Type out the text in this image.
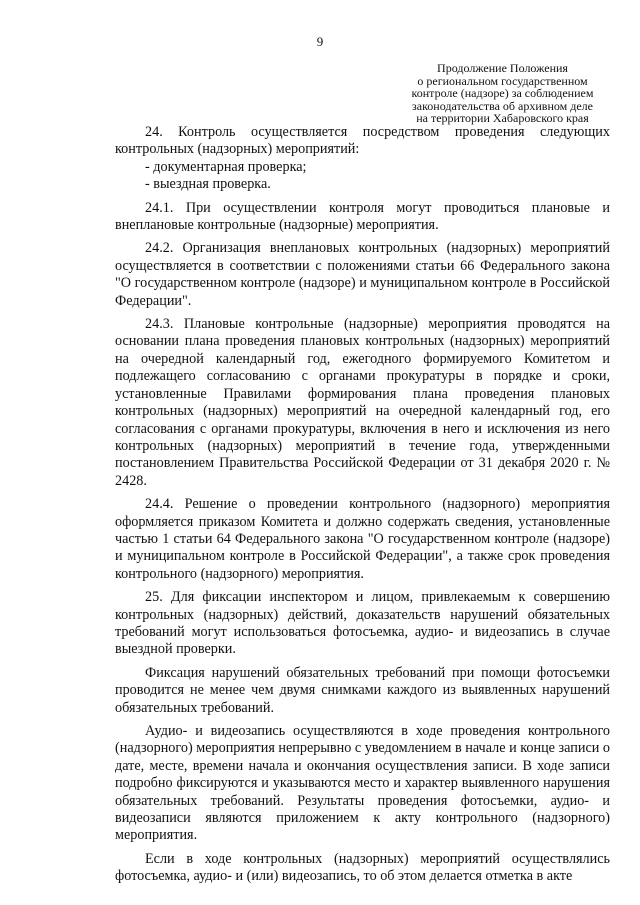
9
Продолжение Положения
о региональном государственном
контроле (надзоре) за соблюдением
законодательства об архивном деле
на территории Хабаровского края

24. Контроль осуществляется посредством проведения следующих контрольных (надзорных) мероприятий:

- документарная проверка;
- выездная проверка.

24.1. При осуществлении контроля могут проводиться плановые и внеплановые контрольные (надзорные) мероприятия.

24.2. Организация внеплановых контрольных (надзорных) мероприятий осуществляется в соответствии с положениями статьи 66 Федерального закона "О государственном контроле (надзоре) и муниципальном контроле в Российской Федерации".

24.3. Плановые контрольные (надзорные) мероприятия проводятся на основании плана проведения плановых контрольных (надзорных) мероприятий на очередной календарный год, ежегодного формируемого Комитетом и подлежащего согласованию с органами прокуратуры в порядке и сроки, установленные Правилами формирования плана проведения плановых контрольных (надзорных) мероприятий на очередной календарный год, его согласования с органами прокуратуры, включения в него и исключения из него контрольных (надзорных) мероприятий в течение года, утвержденными постановлением Правительства Российской Федерации от 31 декабря 2020 г. № 2428.

24.4. Решение о проведении контрольного (надзорного) мероприятия оформляется приказом Комитета и должно содержать сведения, установленные частью 1 статьи 64 Федерального закона "О государственном контроле (надзоре) и муниципальном контроле в Российской Федерации", а также срок проведения контрольного (надзорного) мероприятия.

25. Для фиксации инспектором и лицом, привлекаемым к совершению контрольных (надзорных) действий, доказательств нарушений обязательных требований могут использоваться фотосъемка, аудио- и видеозапись в случае выездной проверки.

Фиксация нарушений обязательных требований при помощи фотосъемки проводится не менее чем двумя снимками каждого из выявленных нарушений обязательных требований.

Аудио- и видеозапись осуществляются в ходе проведения контрольного (надзорного) мероприятия непрерывно с уведомлением в начале и конце записи о дате, месте, времени начала и окончания осуществления записи. В ходе записи подробно фиксируются и указываются место и характер выявленного нарушения обязательных требований. Результаты проведения фотосъемки, аудио- и видеозаписи являются приложением к акту контрольного (надзорного) мероприятия.

Если в ходе контрольных (надзорных) мероприятий осуществлялись фотосъемка, аудио- и (или) видеозапись, то об этом делается отметка в акте
